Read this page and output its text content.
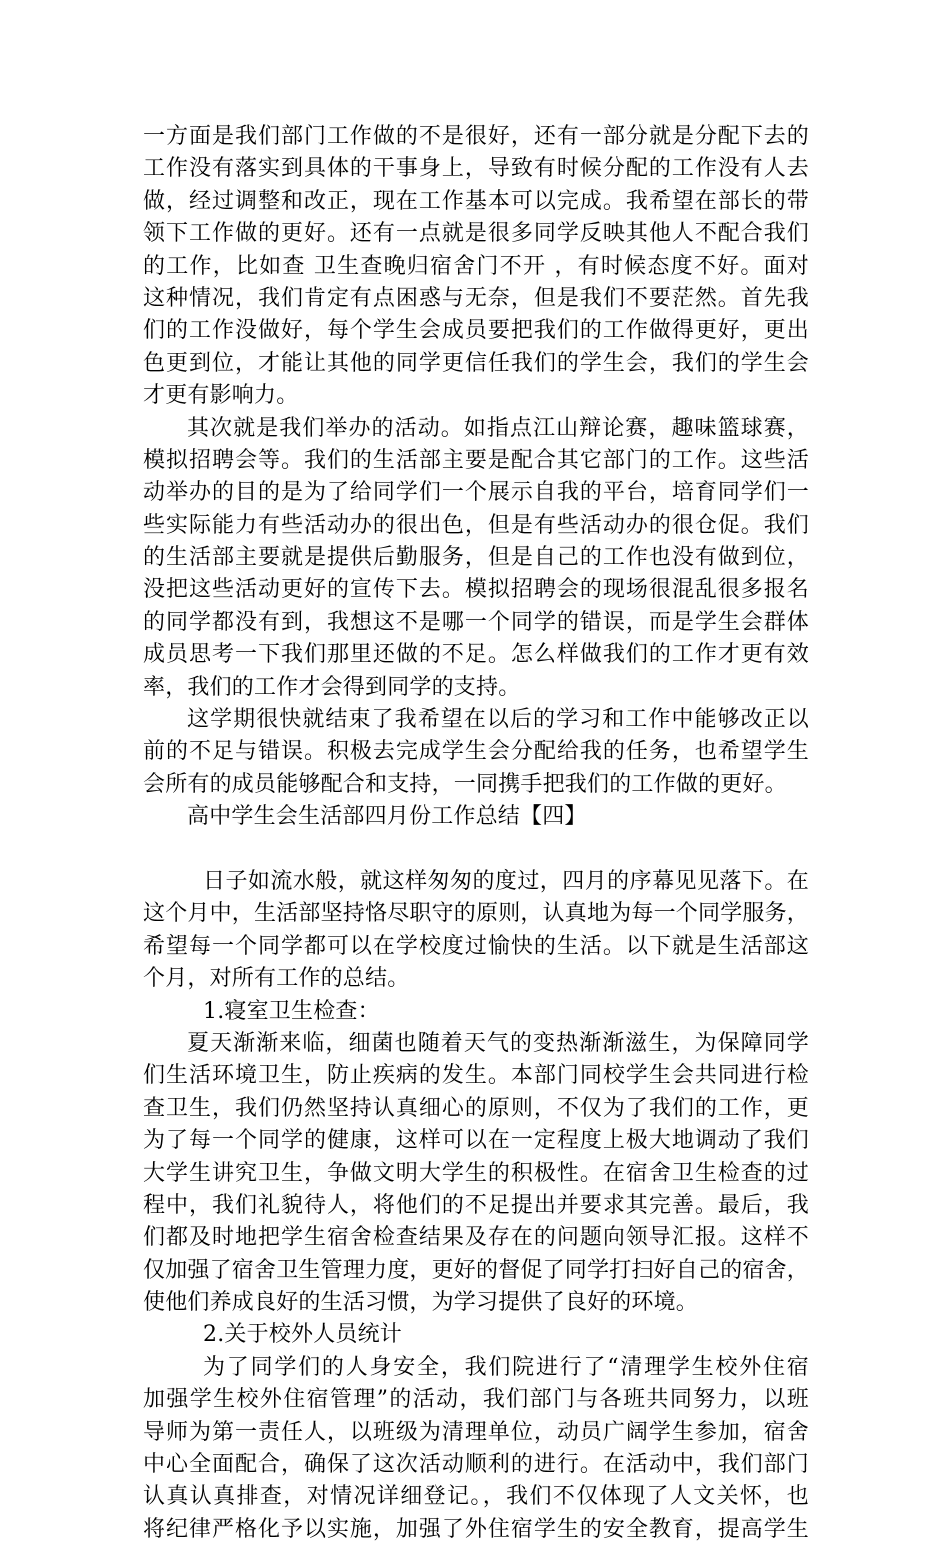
一方面是我们部门工作做的不是很好，还有一部分就是分配下去的
工作没有落实到具体的干事身上，导致有时候分配的工作没有人去
做，经过调整和改正，现在工作基本可以完成。我希望在部长的带
领下工作做的更好。还有一点就是很多同学反映其他人不配合我们
的工作，比如查 卫生查晚归宿舍门不开 ，有时候态度不好。面对
这种情况，我们肯定有点困惑与无奈，但是我们不要茫然。首先我
们的工作没做好，每个学生会成员要把我们的工作做得更好，更出
色更到位，才能让其他的同学更信任我们的学生会，我们的学生会
才更有影响力。
其次就是我们举办的活动。如指点江山辩论赛，趣味篮球赛，
模拟招聘会等。我们的生活部主要是配合其它部门的工作。这些活
动举办的目的是为了给同学们一个展示自我的平台，培育同学们一
些实际能力有些活动办的很出色，但是有些活动办的很仓促。我们
的生活部主要就是提供后勤服务，但是自己的工作也没有做到位，
没把这些活动更好的宣传下去。模拟招聘会的现场很混乱很多报名
的同学都没有到，我想这不是哪一个同学的错误，而是学生会群体
成员思考一下我们那里还做的不足。怎么样做我们的工作才更有效
率，我们的工作才会得到同学的支持。
这学期很快就结束了我希望在以后的学习和工作中能够改正以
前的不足与错误。积极去完成学生会分配给我的任务，也希望学生
会所有的成员能够配合和支持，一同携手把我们的工作做的更好。
高中学生会生活部四月份工作总结【四】
日子如流水般，就这样匆匆的度过，四月的序幕见见落下。在
这个月中，生活部坚持恪尽职守的原则，认真地为每一个同学服务，
希望每一个同学都可以在学校度过愉快的生活。以下就是生活部这
个月，对所有工作的总结。
1.寝室卫生检查：
夏天渐渐来临，细菌也随着天气的变热渐渐滋生，为保障同学
们生活环境卫生，防止疾病的发生。本部门同校学生会共同进行检
查卫生，我们仍然坚持认真细心的原则，不仅为了我们的工作，更
为了每一个同学的健康，这样可以在一定程度上极大地调动了我们
大学生讲究卫生，争做文明大学生的积极性。在宿舍卫生检查的过
程中，我们礼貌待人，将他们的不足提出并要求其完善。最后，我
们都及时地把学生宿舍检查结果及存在的问题向领导汇报。这样不
仅加强了宿舍卫生管理力度，更好的督促了同学打扫好自己的宿舍，
使他们养成良好的生活习惯，为学习提供了良好的环境。
2.关于校外人员统计
为了同学们的人身安全，我们院进行了“清理学生校外住宿
加强学生校外住宿管理”的活动，我们部门与各班共同努力，以班
导师为第一责任人，以班级为清理单位，动员广阔学生参加，宿舍
中心全面配合，确保了这次活动顺利的进行。在活动中，我们部门
认真认真排查，对情况详细登记。，我们不仅体现了人文关怀，也
将纪律严格化予以实施，加强了外住宿学生的安全教育，提高学生
